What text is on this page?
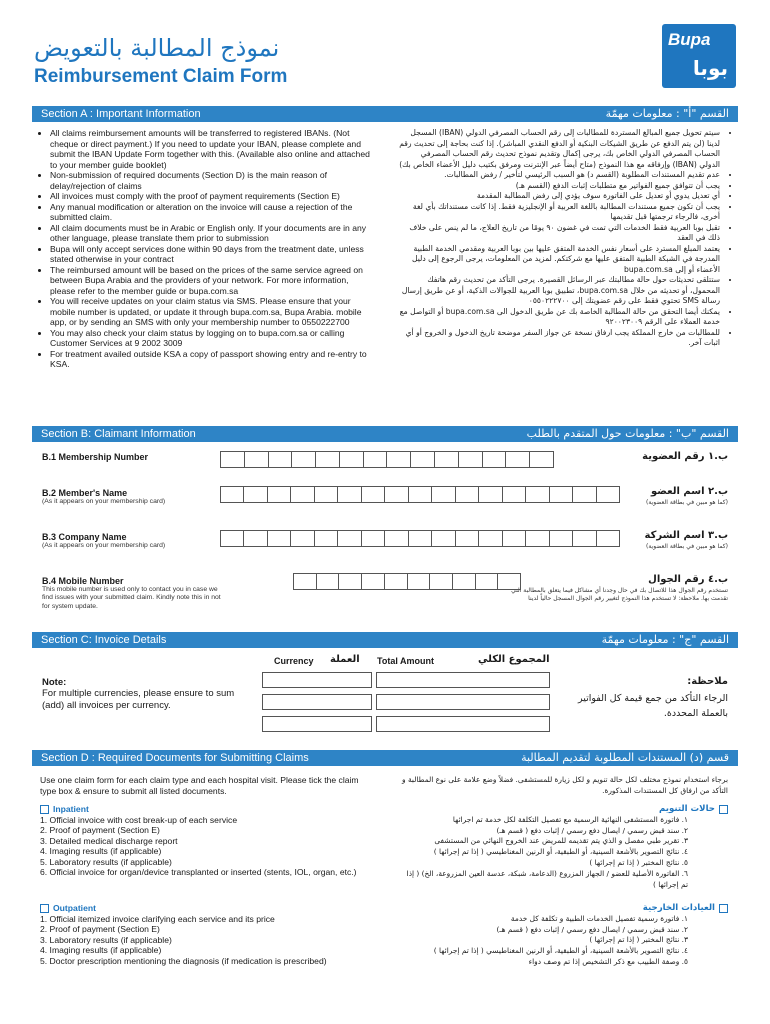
نموذج المطالبة بالتعويض
Reimbursement Claim Form
Bupa
بوبا
Section A : Important Information	القسم "أ" : معلومات مهمّة
• All claims reimbursement amounts will be transferred to registered IBANs. (Not cheque or direct payment.) If you need to update your IBAN, please complete and submit the IBAN Update Form together with this. (Available also online and attached to your member guide booklet)
• Non-submission of required documents (Section D) is the main reason of delay/rejection of claims
• All invoices must comply with the proof of payment requirements (Section E)
• Any manual modification or alteration on the invoice will cause a rejection of the submitted claim.
• All claim documents must be in Arabic or English only. If your documents are in any other language, please translate them prior to submission
• Bupa will only accept services done within 90 days from the treatment date, unless stated otherwise in your contract
• The reimbursed amount will be based on the prices of the same service agreed on between Bupa Arabia and the providers of your network. For more information, please refer to the member guide or bupa.com.sa
• You will receive updates on your claim status via SMS. Please ensure that your mobile number is updated, or update it through bupa.com.sa, Bupa Arabia. mobile app, or by sending an SMS with only your membership number to 0550222700
• You may also check your claim status by logging on to bupa.com.sa or calling Customer Services at 9 2002 3009
• For treatment availed outside KSA a copy of passport showing entry and re-entry to KSA.
• سيتم تحويل جميع المبالغ المستردة للمطالبات إلى رقم الحساب المصرفي الدولي (IBAN) المسجل لدينا (لن يتم الدفع عن طريق الشيكات البنكية أو الدفع النقدي المباشر). إذا كنت بحاجة إلى تحديث رقم الحساب المصرفي الدولي الخاص بك، يرجى إكمال وتقديم نموذج تحديث رقم الحساب المصرفي الدولي (IBAN) وإرفاقه مع هذا النموذج (متاح أيضاً عبر الإنترنت ومرفق بكتيب دليل الأعضاء الخاص بك)
• عدم تقديم المستندات المطلوبة (القسم د) هو السبب الرئيسي لتأخير / رفض المطالبات.
• يجب أن تتوافق جميع الفواتير مع متطلبات إثبات الدفع (القسم هـ)
• أي تعديل يدوي أو تعديل على الفاتورة سوف يؤدي إلى رفض المطالبة المقدمة
• يجب أن تكون جميع مستندات المطالبة باللغة العربية أو الإنجليزية فقط. إذا كانت مستنداتك بأي لغة أخرى، فالرجاء ترجمتها قبل تقديمها
• تقبل بوبا العربية فقط الخدمات التي تمت في غضون ٩٠ يومًا من تاريخ العلاج، ما لم ينص على خلاف ذلك في العقد
• يعتمد المبلغ المسترد على أسعار نفس الخدمة المتفق عليها بين بوبا العربية ومقدمي الخدمة الطبية المدرجة في الشبكة الطبية المتفق عليها مع شركتكم. لمزيد من المعلومات، يرجى الرجوع إلى دليل الأعضاء أو إلى bupa.com.sa
• ستتلقى تحديثات حول حالة مطالبتك عبر الرسائل القصيرة. يرجى التأكد من تحديث رقم هاتفك المحمول، أو تحديثه من خلال bupa.com.sa، تطبيق بوبا العربية للجوالات الذكية، أو عن طريق إرسال رسالة SMS تحتوي فقط على رقم عضويتك إلى ٠٥٥٠٢٢٢٧٠٠
• يمكنك أيضا التحقق من حالة المطالبة الخاصة بك عن طريق الدخول الى bupa.com.sa أو التواصل مع خدمة العملاء على الرقم ٩٢٠٠٢٣٠٠٩
• للمطالبات من خارج المملكة يجب ارفاق نسخة عن جواز السفر موضحة تاريخ الدخول و الخروج أو أي اثبات آخر.
Section B: Claimant Information	القسم "ب" : معلومات حول المتقدم بالطلب
B.1 Membership Number	ب.١ رقم العضوية
B.2 Member's Name
(As it appears on your membership card)
ب.٢ اسم العضو
(كما هو مبين في بطاقة العضوية)
B.3 Company Name
(As it appears on your membership card)
ب.٣ اسم الشركة
(كما هو مبين في بطاقة العضوية)
B.4 Mobile Number
This mobile number is used only to contact you in case we find issues with your submitted claim. Kindly note this in not for system update.
ب.٤ رقم الجوال
تستخدم رقم الجوال هذا للاتصال بك في حال وجدنا أي مشاكل فيما يتعلق بالمطالبة التي تقدمت بها. ملاحظة: لا تستخدم هذا النموذج لتغيير رقم الجوال المسجل حالياً لدينا
Section C: Invoice Details	القسم "ج" : معلومات مهمّة
Currency العملة Total Amount	المجموع الكلي
Note:
For multiple currencies, please ensure to sum (add) all invoices per currency.
ملاحظة:
الرجاء التأكد من جمع قيمة كل الفواتير بالعملة المحددة.
Section D : Required Documents for Submitting Claims	قسم (د) المستندات المطلوبة لتقديم المطالبة
Use one claim form for each claim type and each hospital visit. Please tick the claim type box & ensure to submit all listed documents.
برجاء استخدام نموذج مختلف لكل حالة تنويم و لكل زيارة للمستشفى. فضلاً وضع علامة على نوع المطالبة و التأكد من ارفاق كل المستندات المذكورة.
Inpatient
1. Official invoice with cost break-up of each service
2. Proof of payment (Section E)
3. Detailed medical discharge report
4. Imaging results (if applicable)
5. Laboratory results (if applicable)
6. Official invoice for organ/device transplanted or inserted (stents, IOL, organ, etc.)
حالات التنويم
١. فاتورة المستشفى النهائية الرسمية مع تفصيل التكلفة لكل خدمة تم اجرائها
٢. سند قبض رسمي / ايصال دفع رسمي / إثبات دفع ( قسم هـ)
٣. تقرير طبي مفصل و الذي يتم تقديمه للمريض عند الخروج النهائي من المستشفى
٤. نتائج التصوير بالأشعة السينية، أو الطبقية، أو الرنين المغناطيسي ( إذا تم إجرائها )
٥. نتائج المختبر ( إذا تم إجرائها )
٦. الفاتورة الأصلية للعضو / الجهاز المزروع (الدعامة، شبكة، عدسة العين المزروعة، الخ) ( إذا تم إجرائها )
Outpatient
1. Official itemized invoice clarifying each service and its price
2. Proof of payment (Section E)
3. Laboratory results (if applicable)
4. Imaging results (if applicable)
5. Doctor prescription mentioning the diagnosis (if medication is prescribed)
العيادات الخارجية
١. فاتورة رسمية تفصيل الخدمات الطبية و تكلفة كل خدمة
٢. سند قبض رسمي / ايصال دفع رسمي / إثبات دفع ( قسم هـ)
٣. نتائج المختبر ( إذا تم إجرائها )
٤. نتائج التصوير بالأشعة السينية، أو الطبقية، أو الرنين المغناطيسي ( إذا تم إجرائها )
٥. وصفة الطبيب مع ذكر التشخيص إذا تم وصف دواء
